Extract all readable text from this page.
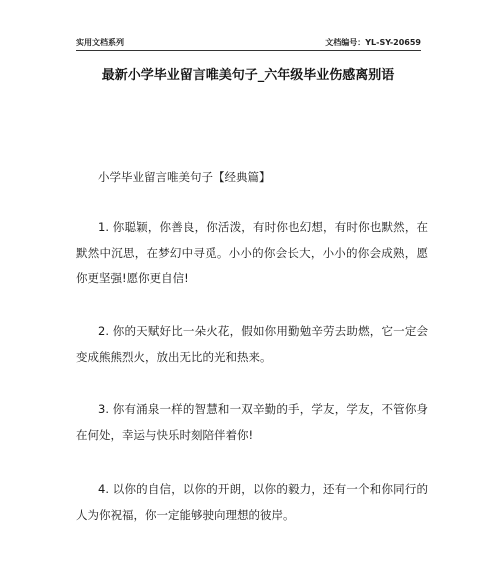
实用文档系列	文档编号：YL-SY-20659
最新小学毕业留言唯美句子_六年级毕业伤感离别语
小学毕业留言唯美句子【经典篇】
1. 你聪颖，你善良，你活泼，有时你也幻想，有时你也默然，在默然中沉思，在梦幻中寻觅。小小的你会长大，小小的你会成熟，愿你更坚强!愿你更自信!
2. 你的天赋好比一朵火花，假如你用勤勉辛劳去助燃，它一定会变成熊熊烈火，放出无比的光和热来。
3. 你有涌泉一样的智慧和一双辛勤的手，学友，学友，不管你身在何处，幸运与快乐时刻陪伴着你!
4. 以你的自信，以你的开朗，以你的毅力，还有一个和你同行的人为你祝福，你一定能够驶向理想的彼岸。
